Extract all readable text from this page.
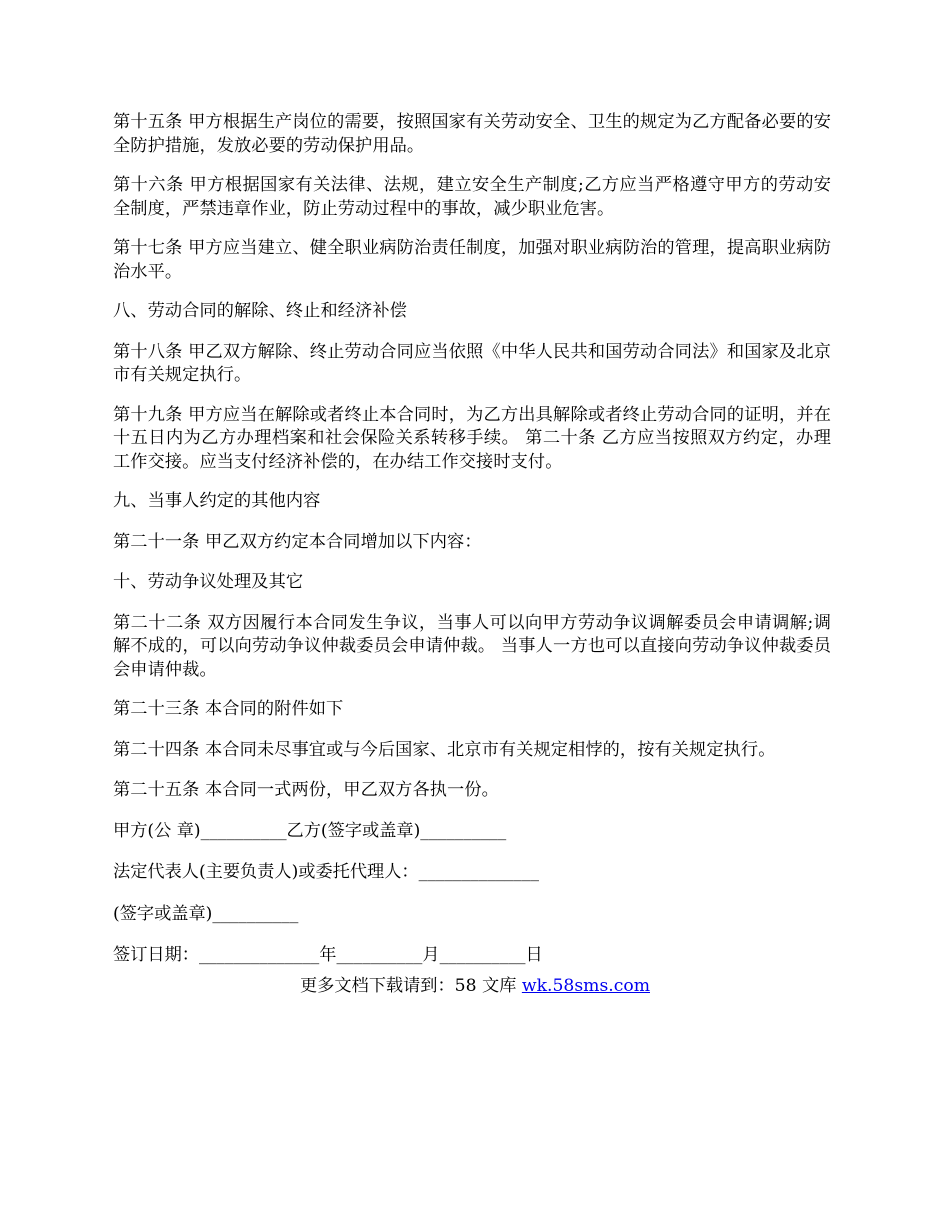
第十五条 甲方根据生产岗位的需要，按照国家有关劳动安全、卫生的规定为乙方配备必要的安全防护措施，发放必要的劳动保护用品。

第十六条 甲方根据国家有关法律、法规，建立安全生产制度;乙方应当严格遵守甲方的劳动安全制度，严禁违章作业，防止劳动过程中的事故，减少职业危害。

第十七条 甲方应当建立、健全职业病防治责任制度，加强对职业病防治的管理，提高职业病防治水平。

八、劳动合同的解除、终止和经济补偿

第十八条 甲乙双方解除、终止劳动合同应当依照《中华人民共和国劳动合同法》和国家及北京市有关规定执行。

第十九条 甲方应当在解除或者终止本合同时，为乙方出具解除或者终止劳动合同的证明，并在十五日内为乙方办理档案和社会保险关系转移手续。 第二十条 乙方应当按照双方约定，办理工作交接。应当支付经济补偿的，在办结工作交接时支付。

九、当事人约定的其他内容

第二十一条 甲乙双方约定本合同增加以下内容：

十、劳动争议处理及其它

第二十二条 双方因履行本合同发生争议，当事人可以向甲方劳动争议调解委员会申请调解;调解不成的，可以向劳动争议仲裁委员会申请仲裁。 当事人一方也可以直接向劳动争议仲裁委员会申请仲裁。

第二十三条 本合同的附件如下

第二十四条 本合同未尽事宜或与今后国家、北京市有关规定相悖的，按有关规定执行。

第二十五条 本合同一式两份，甲乙双方各执一份。

甲方(公 章)__________乙方(签字或盖章)__________
法定代表人(主要负责人)或委托代理人：______________
(签字或盖章)__________
签订日期：______________年__________月__________日
更多文档下载请到：58 文库 wk.58sms.com
